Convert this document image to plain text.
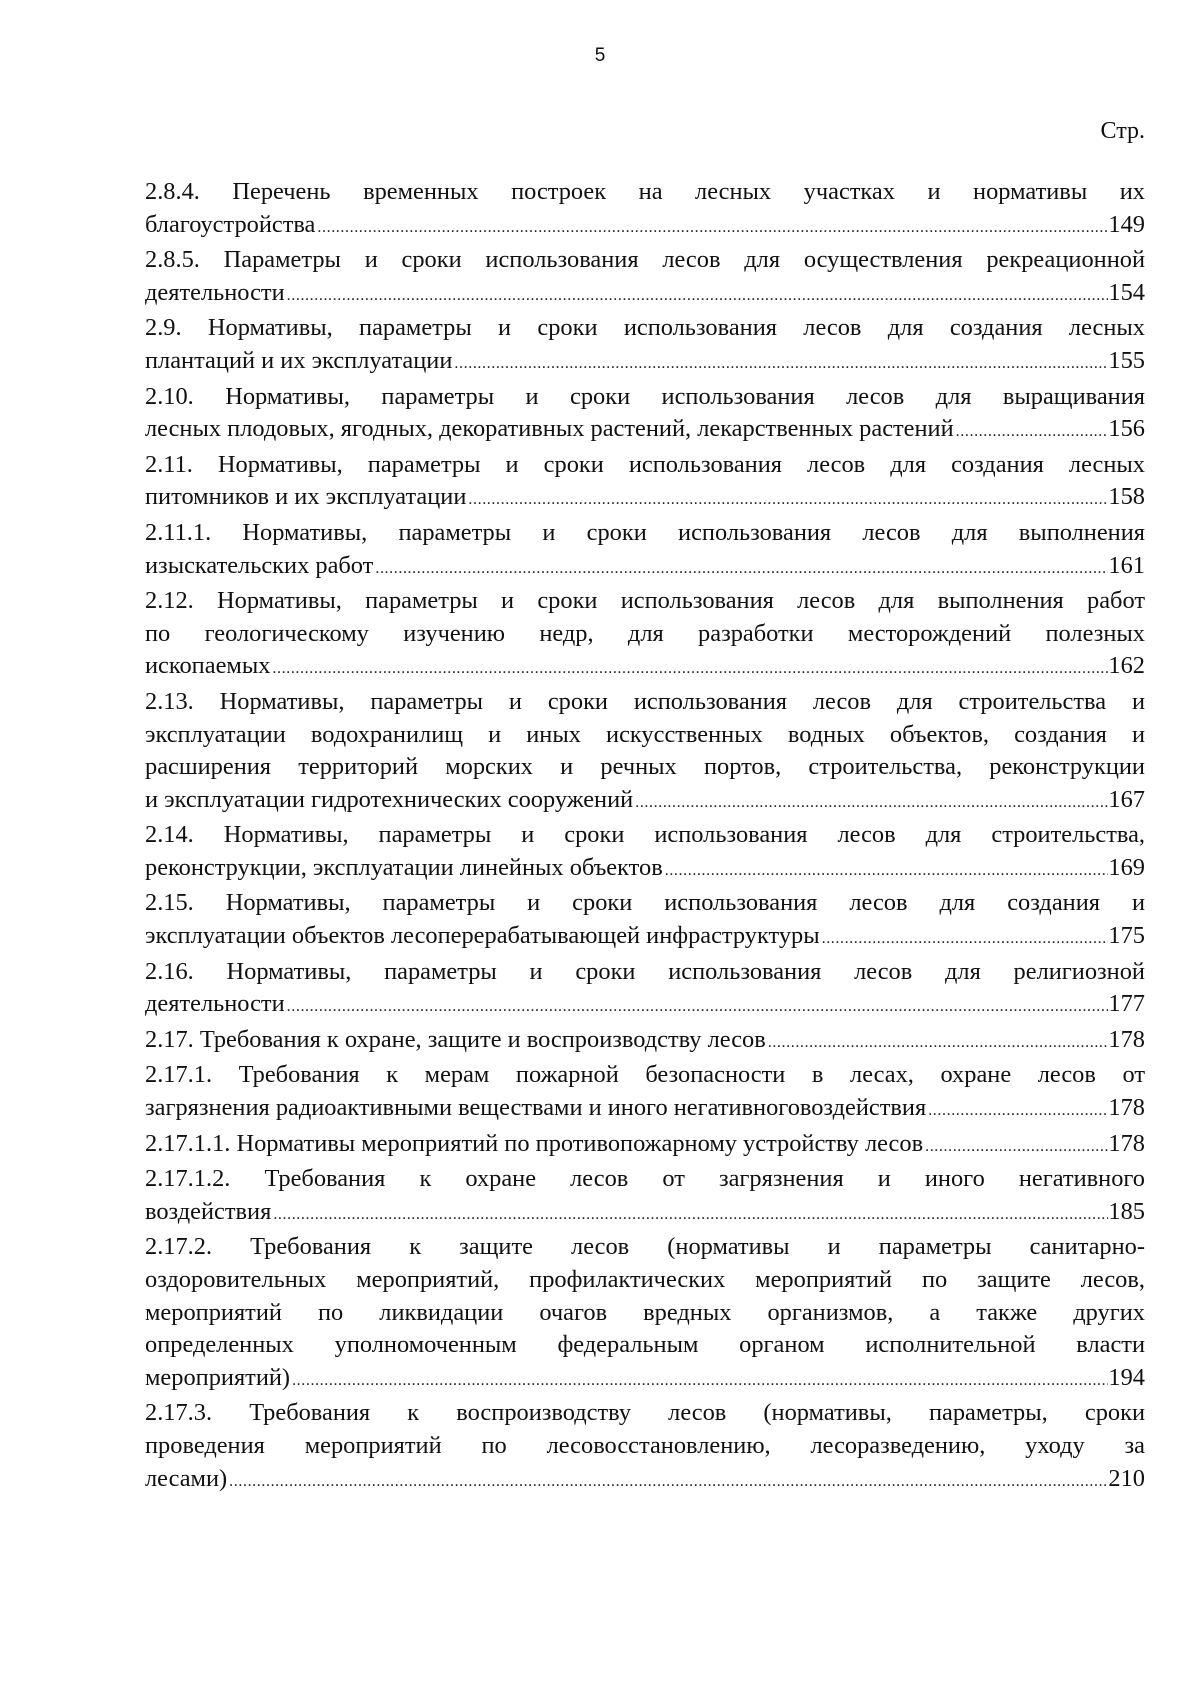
5
Стр.
2.8.4. Перечень временных построек на лесных участках и нормативы их
благоустройства .....	149
2.8.5. Параметры и сроки использования лесов для осуществления рекреационной
деятельности .....	154
2.9. Нормативы, параметры и сроки использования лесов для создания лесных
плантаций и их эксплуатации .....	155
2.10. Нормативы, параметры и сроки использования лесов для выращивания
лесных плодовых, ягодных, декоративных растений, лекарственных растений .....	156
2.11. Нормативы, параметры и сроки использования лесов для создания лесных
питомников и их эксплуатации .....	158
2.11.1. Нормативы, параметры и сроки использования лесов для выполнения
изыскательских работ .....	161
2.12. Нормативы, параметры и сроки использования лесов для выполнения работ
по геологическому изучению недр, для разработки месторождений полезных
ископаемых .....	162
2.13. Нормативы, параметры и сроки использования лесов для строительства и
эксплуатации водохранилищ и иных искусственных водных объектов, создания и
расширения территорий морских и речных портов, строительства, реконструкции
и эксплуатации гидротехнических сооружений .....	167
2.14. Нормативы, параметры и сроки использования лесов для строительства,
реконструкции, эксплуатации линейных объектов .....	169
2.15. Нормативы, параметры и сроки использования лесов для создания и
эксплуатации объектов лесоперерабатывающей инфраструктуры .....	175
2.16. Нормативы, параметры и сроки использования лесов для религиозной
деятельности .....	177
2.17. Требования к охране, защите и воспроизводству лесов .....	178
2.17.1. Требования к мерам пожарной безопасности в лесах, охране лесов от
загрязнения радиоактивными веществами и иного негативноговоздействия .....	178
2.17.1.1. Нормативы мероприятий по противопожарному устройству лесов .....	178
2.17.1.2. Требования к охране лесов от загрязнения и иного негативного
воздействия .....	185
2.17.2. Требования к защите лесов (нормативы и параметры санитарно-
оздоровительных мероприятий, профилактических мероприятий по защите лесов,
мероприятий по ликвидации очагов вредных организмов, а также других
определенных уполномоченным федеральным органом исполнительной власти
мероприятий) .....	194
2.17.3. Требования к воспроизводству лесов (нормативы, параметры, сроки
проведения мероприятий по лесовосстановлению, лесоразведению, уходу за
лесами) .....	210
